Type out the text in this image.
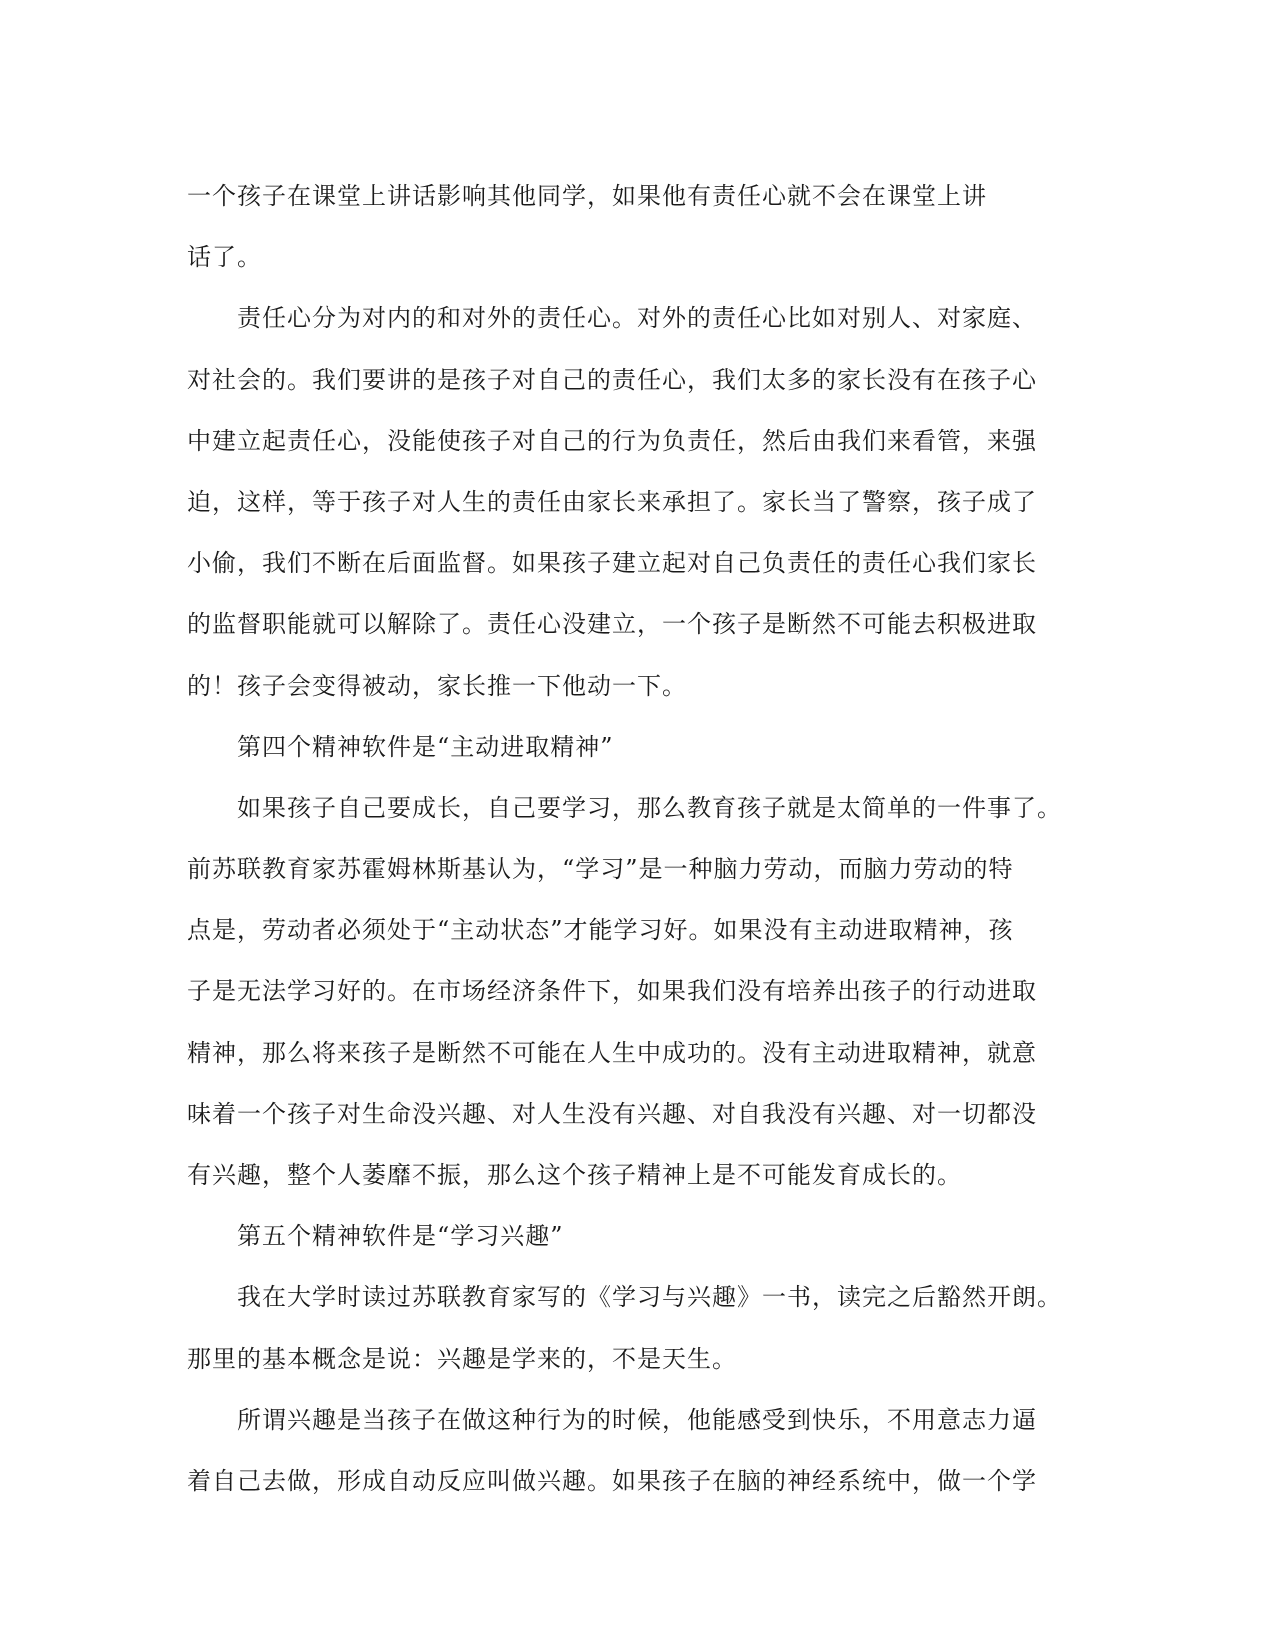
一个孩子在课堂上讲话影响其他同学，如果他有责任心就不会在课堂上讲
话了。
责任心分为对内的和对外的责任心。对外的责任心比如对别人、对家庭、
对社会的。我们要讲的是孩子对自己的责任心，我们太多的家长没有在孩子心
中建立起责任心，没能使孩子对自己的行为负责任，然后由我们来看管，来强
迫，这样，等于孩子对人生的责任由家长来承担了。家长当了警察，孩子成了
小偷，我们不断在后面监督。如果孩子建立起对自己负责任的责任心我们家长
的监督职能就可以解除了。责任心没建立，一个孩子是断然不可能去积极进取
的！孩子会变得被动，家长推一下他动一下。
第四个精神软件是“主动进取精神”
如果孩子自己要成长，自己要学习，那么教育孩子就是太简单的一件事了。
前苏联教育家苏霍姆林斯基认为，“学习”是一种脑力劳动，而脑力劳动的特
点是，劳动者必须处于“主动状态”才能学习好。如果没有主动进取精神，孩
子是无法学习好的。在市场经济条件下，如果我们没有培养出孩子的行动进取
精神，那么将来孩子是断然不可能在人生中成功的。没有主动进取精神，就意
味着一个孩子对生命没兴趣、对人生没有兴趣、对自我没有兴趣、对一切都没
有兴趣，整个人萎靡不振，那么这个孩子精神上是不可能发育成长的。
第五个精神软件是“学习兴趣”
我在大学时读过苏联教育家写的《学习与兴趣》一书，读完之后豁然开朗。
那里的基本概念是说：兴趣是学来的，不是天生。
所谓兴趣是当孩子在做这种行为的时候，他能感受到快乐，不用意志力逼
着自己去做，形成自动反应叫做兴趣。如果孩子在脑的神经系统中，做一个学
